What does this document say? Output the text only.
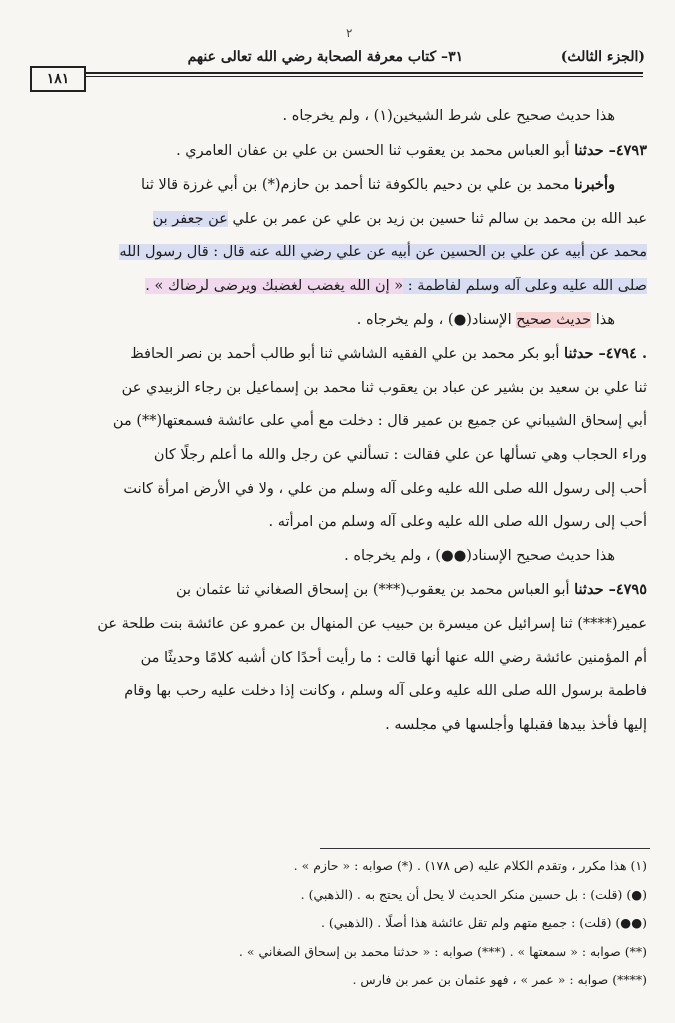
٢
(الجزء الثالث)
٣١– كتاب معرفة الصحابة رضي الله تعالى عنهم
١٨١

هذا حديث صحيح على شرط الشيخين(١) ، ولم يخرجاه .

٤٧٩٣– حدثنا أبو العباس محمد بن يعقوب ثنا الحسن بن علي بن عفان العامري .

وأخبرنا محمد بن علي بن دحيم بالكوفة ثنا أحمد بن حازم(*) بن أبي غرزة قالا ثنا

عبد الله بن محمد بن سالم ثنا حسين بن زيد بن علي عن عمر بن علي عن جعفر بن

محمد عن أبيه عن علي بن الحسين عن أبيه عن علي رضي الله عنه قال : قال رسول الله

صلى الله عليه وعلى آله وسلم لفاطمة : « إن الله يغضب لغضبك ويرضى لرضاك » .

هذا حديث صحيح الإسناد(●) ، ولم يخرجاه .

. ٤٧٩٤– حدثنا أبو بكر محمد بن علي الفقيه الشاشي ثنا أبو طالب أحمد بن نصر الحافظ

ثنا علي بن سعيد بن بشير عن عباد بن يعقوب ثنا محمد بن إسماعيل بن رجاء الزبيدي عن

أبي إسحاق الشيباني عن جميع بن عمير قال : دخلت مع أمي على عائشة فسمعتها(**) من

وراء الحجاب وهي تسألها عن علي فقالت : تسألني عن رجل والله ما أعلم رجلًا كان

أحب إلى رسول الله صلى الله عليه وعلى آله وسلم من علي ، ولا في الأرض امرأة كانت

أحب إلى رسول الله صلى الله عليه وعلى آله وسلم من امرأته .

هذا حديث صحيح الإسناد(●●) ، ولم يخرجاه .

٤٧٩٥– حدثنا أبو العباس محمد بن يعقوب(***) بن إسحاق الصغاني ثنا عثمان بن

عمير(****) ثنا إسرائيل عن ميسرة بن حبيب عن المنهال بن عمرو عن عائشة بنت طلحة عن

أم المؤمنين عائشة رضي الله عنها أنها قالت : ما رأيت أحدًا كان أشبه كلامًا وحديثًا من

فاطمة برسول الله صلى الله عليه وعلى آله وسلم ، وكانت إذا دخلت عليه رحب بها وقام

إليها فأخذ بيدها فقبلها وأجلسها في مجلسه .

(١) هذا مكرر ، وتقدم الكلام عليه (ص ١٧٨) . (*) صوابه : « حازم » .

(●) (قلت) : بل حسين منكر الحديث لا يحل أن يحتج به . (الذهبي) .

(●●) (قلت) : جميع متهم ولم تقل عائشة هذا أصلًا . (الذهبي) .

(**) صوابه : « سمعتها » . (***) صوابه : « حدثنا محمد بن إسحاق الصغاني » .

(****) صوابه : « عمر » ، فهو عثمان بن عمر بن فارس .
